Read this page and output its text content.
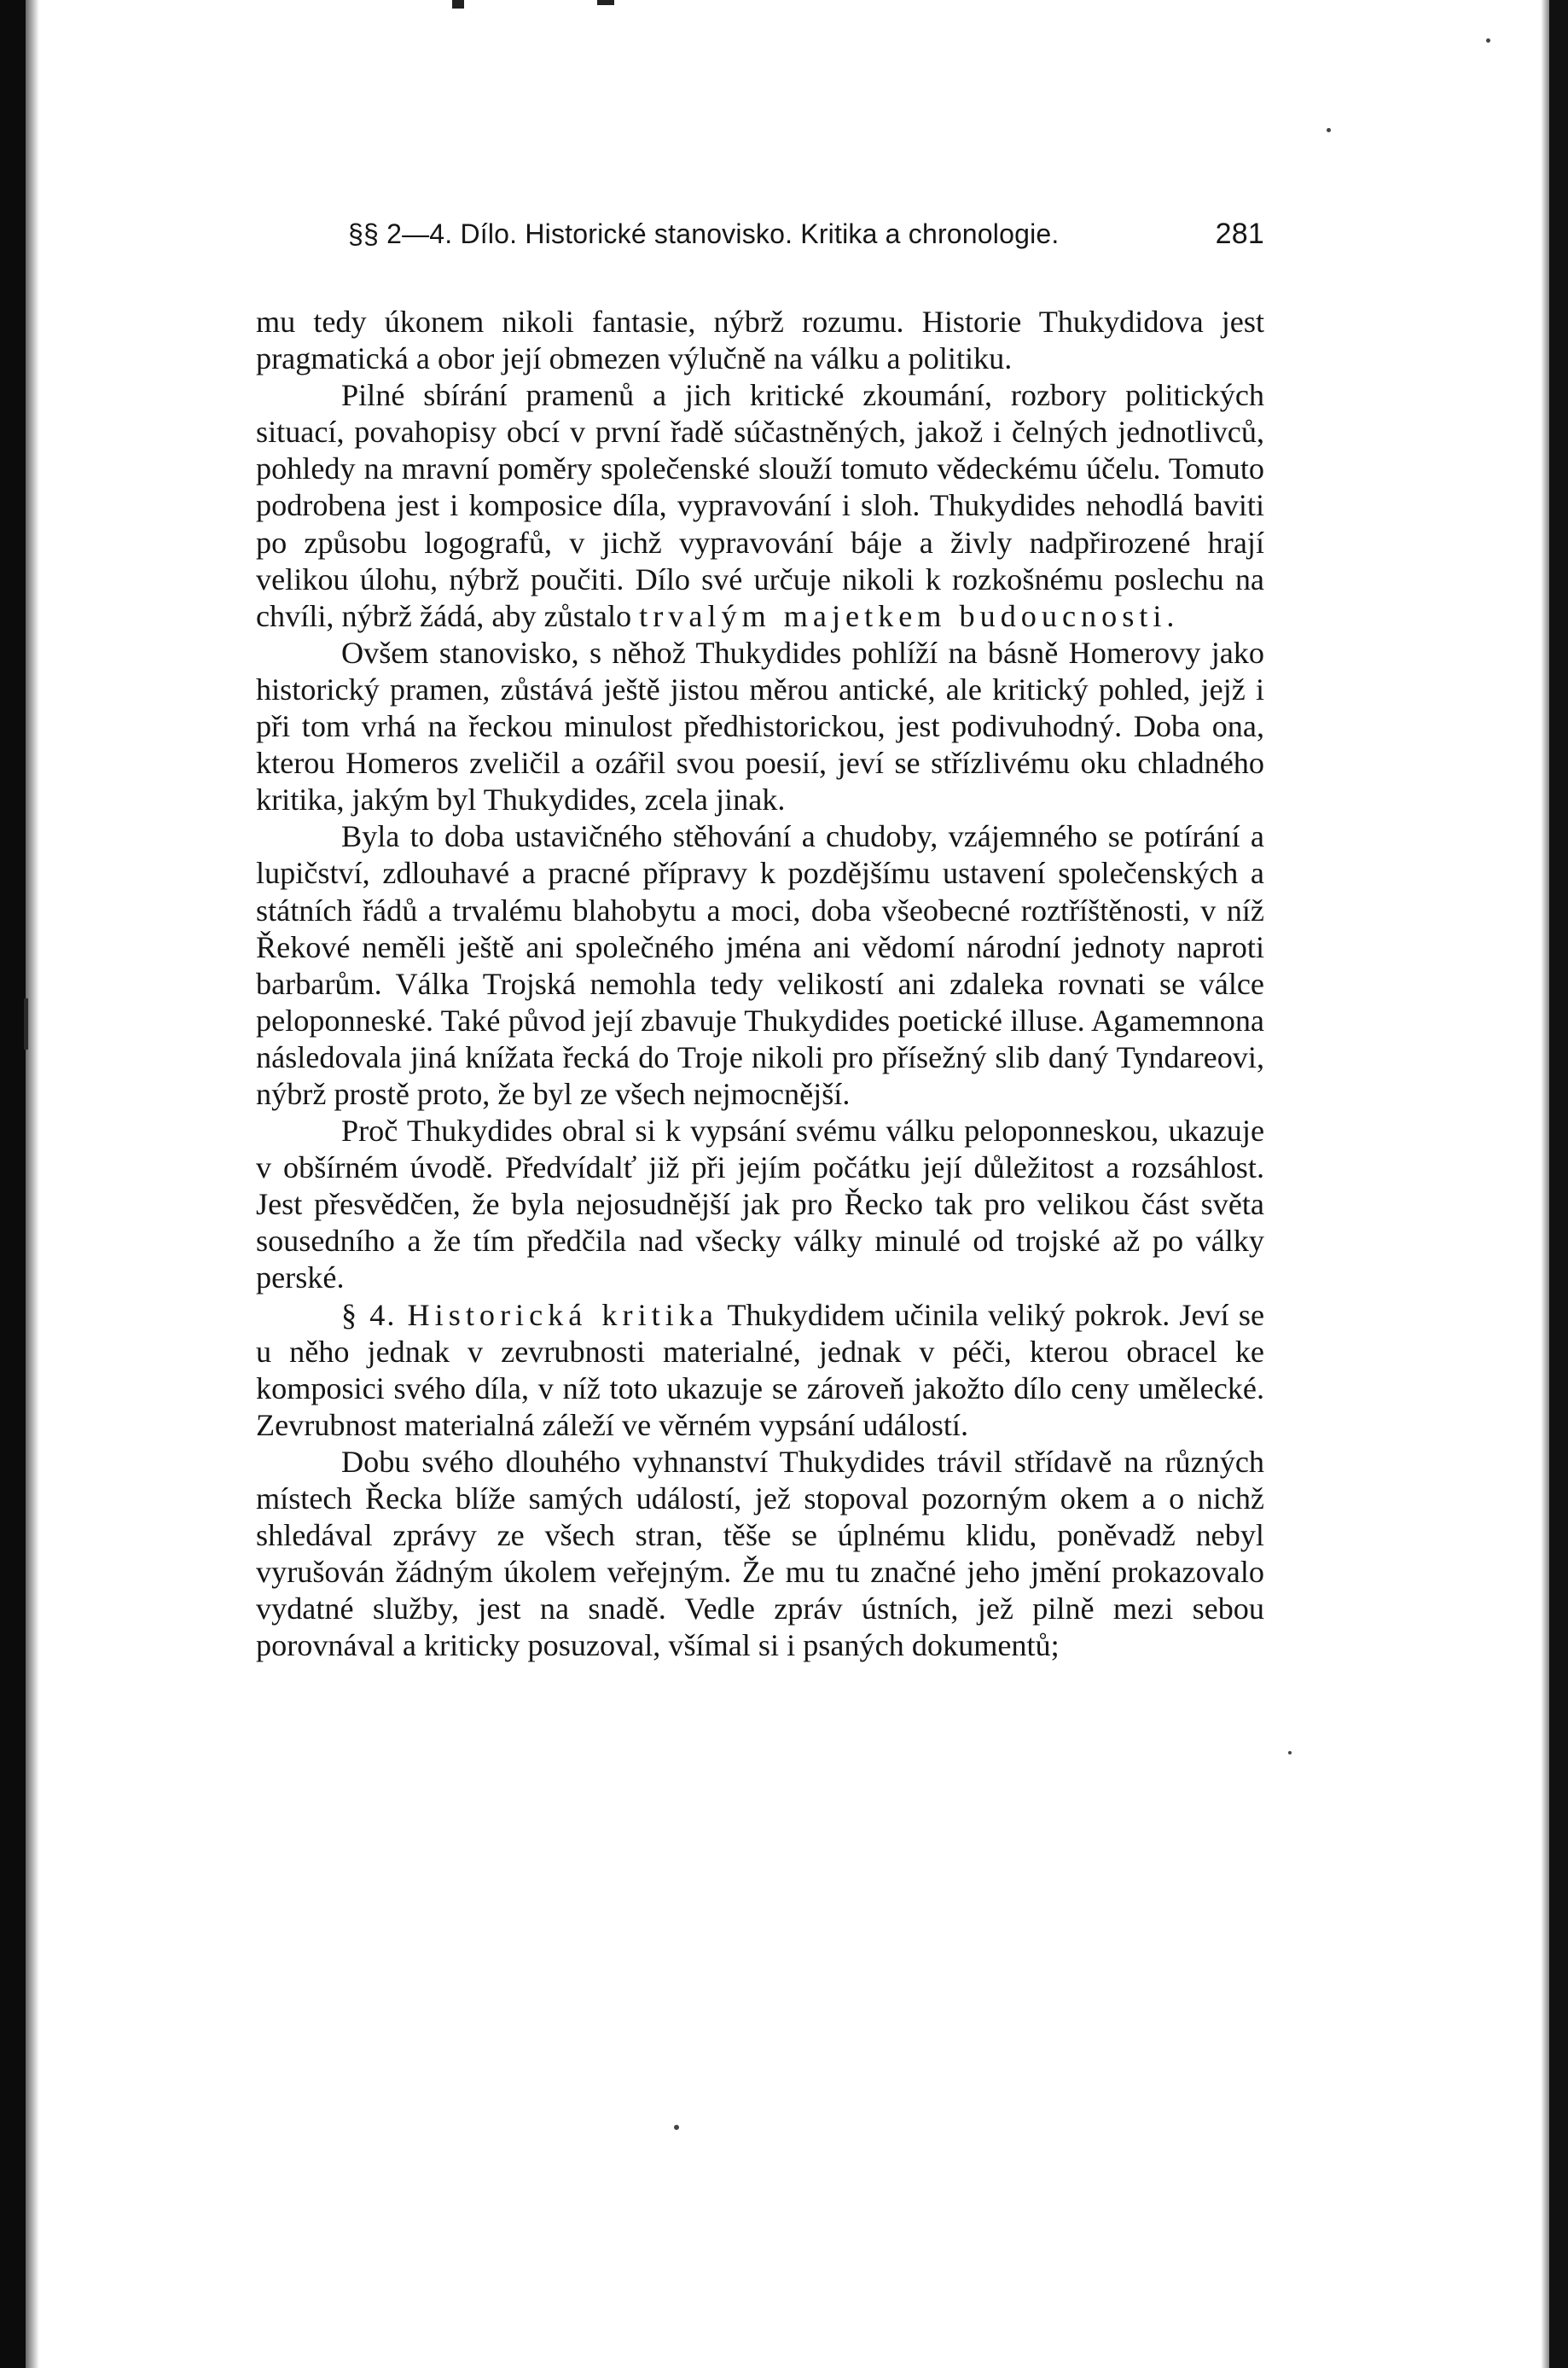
§§ 2—4. Dílo. Historické stanovisko. Kritika a chronologie.	281

mu tedy úkonem nikoli fantasie, nýbrž rozumu. Historie Thukydidova jest pragmatická a obor její obmezen výlučně na válku a politiku.

Pilné sbírání pramenů a jich kritické zkoumání, rozbory politických situací, povahopisy obcí v první řadě súčastněných, jakož i čelných jednotlivců, pohledy na mravní poměry společenské slouží tomuto vědeckému účelu. Tomuto podrobena jest i komposice díla, vypravování i sloh. Thukydides nehodlá baviti po způsobu logografů, v jichž vypravování báje a živly nadpřirozené hrají velikou úlohu, nýbrž poučiti. Dílo své určuje nikoli k rozkošnému poslechu na chvíli, nýbrž žádá, aby zůstalo trvalým majetkem budoucnosti.

Ovšem stanovisko, s něhož Thukydides pohlíží na básně Homerovy jako historický pramen, zůstává ještě jistou měrou antické, ale kritický pohled, jejž i při tom vrhá na řeckou minulost předhistorickou, jest podivuhodný. Doba ona, kterou Homeros zveličil a ozářil svou poesií, jeví se střízlivému oku chladného kritika, jakým byl Thukydides, zcela jinak.

Byla to doba ustavičného stěhování a chudoby, vzájemného se potírání a lupičství, zdlouhavé a pracné přípravy k pozdějšímu ustavení společenských a státních řádů a trvalému blahobytu a moci, doba všeobecné roztříštěnosti, v níž Řekové neměli ještě ani společného jména ani vědomí národní jednoty naproti barbarům. Válka Trojská nemohla tedy velikostí ani zdaleka rovnati se válce peloponneské. Také původ její zbavuje Thukydides poetické illuse. Agamemnona následovala jiná knížata řecká do Troje nikoli pro přísežný slib daný Tyndareovi, nýbrž prostě proto, že byl ze všech nejmocnější.

Proč Thukydides obral si k vypsání svému válku peloponneskou, ukazuje v obšírném úvodě. Předvídalť již při jejím počátku její důležitost a rozsáhlost. Jest přesvědčen, že byla nejosudnější jak pro Řecko tak pro velikou část světa sousedního a že tím předčila nad všecky války minulé od trojské až po války perské.

§ 4. Historická kritika Thukydidem učinila veliký pokrok. Jeví se u něho jednak v zevrubnosti materialné, jednak v péči, kterou obracel ke komposici svého díla, v níž toto ukazuje se zároveň jakožto dílo ceny umělecké. Zevrubnost materialná záleží ve věrném vypsání událostí.

Dobu svého dlouhého vyhnanství Thukydides trávil střídavě na různých místech Řecka blíže samých událostí, jež stopoval pozorným okem a o nichž shledával zprávy ze všech stran, těše se úplnému klidu, poněvadž nebyl vyrušován žádným úkolem veřejným. Že mu tu značné jeho jmění prokazovalo vydatné služby, jest na snadě. Vedle zpráv ústních, jež pilně mezi sebou porovnával a kriticky posuzoval, všímal si i psaných dokumentů;
